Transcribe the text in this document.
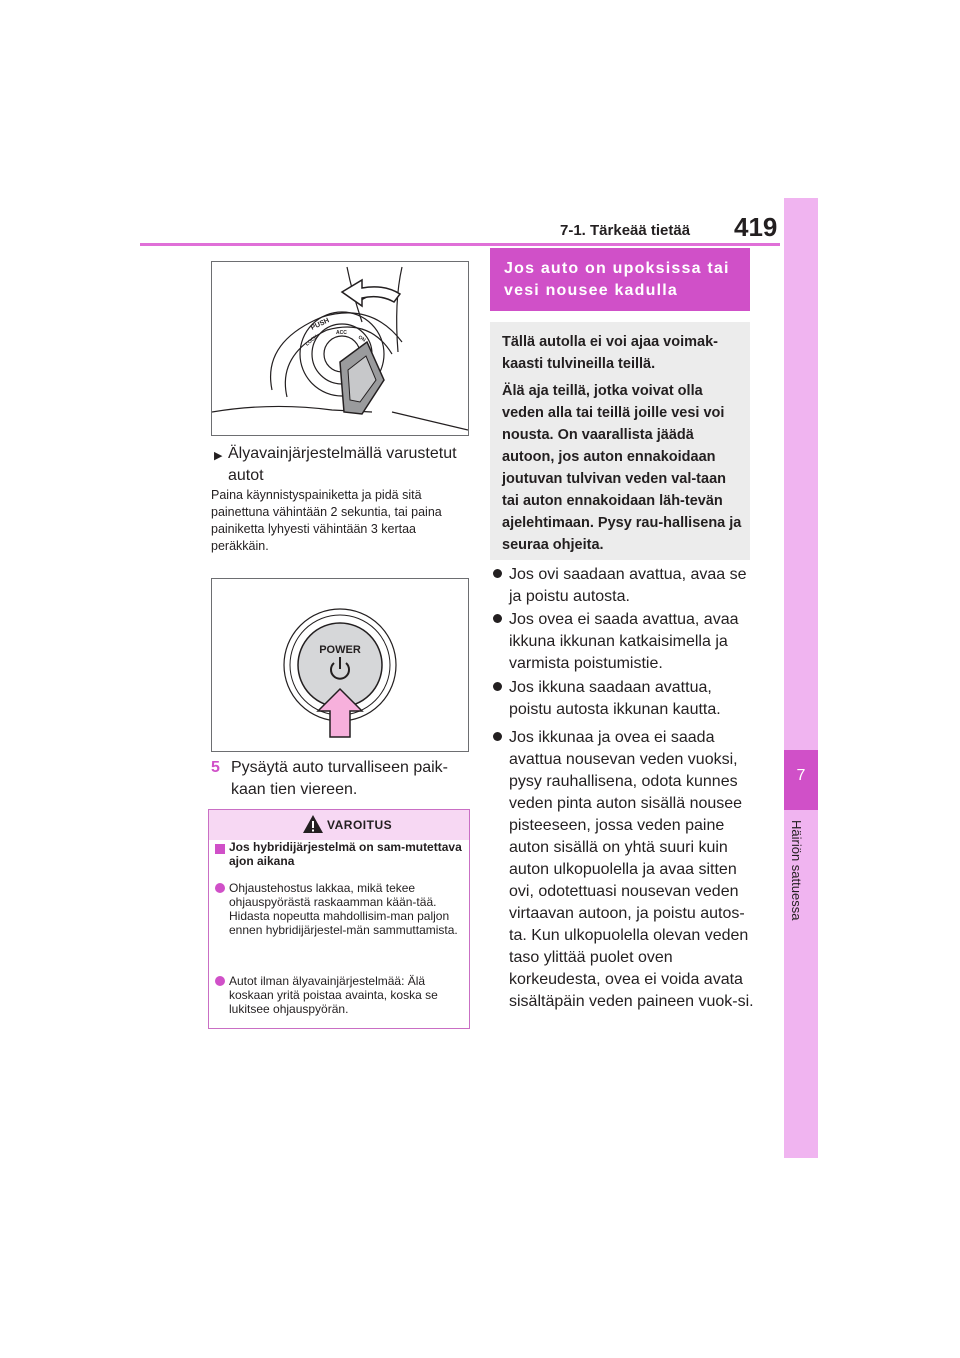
7-1. Tärkeää tietää 419
7
Häiriön sattuessa
PUSH
LOCK
ACC
ON
▶ Älyavainjärjestelmällä varustetut autot
Paina käynnistyspainiketta ja pidä sitä painettuna vähintään 2 sekuntia, tai paina painiketta lyhyesti vähintään 3 kertaa peräkkäin.
POWER
5 Pysäytä auto turvalliseen paik-kaan tien viereen.
VAROITUS
Jos hybridijärjestelmä on sam-mutettava ajon aikana
Ohjaustehostus lakkaa, mikä tekee ohjauspyörästä raskaamman kään-tää. Hidasta nopeutta mahdollisim-man paljon ennen hybridijärjestel-män sammuttamista.
Autot ilman älyavainjärjestelmää: Älä koskaan yritä poistaa avainta, koska se lukitsee ohjauspyörän.
Jos auto on upoksissa tai vesi nousee kadulla
Tällä autolla ei voi ajaa voimak-kaasti tulvineilla teillä.
Älä aja teillä, jotka voivat olla veden alla tai teillä joille vesi voi nousta. On vaarallista jäädä autoon, jos auton ennakoidaan joutuvan tulvivan veden val-taan tai auton ennakoidaan läh-tevän ajelehtimaan. Pysy rau-hallisena ja seuraa ohjeita.
Jos ovi saadaan avattua, avaa se ja poistu autosta.
Jos ovea ei saada avattua, avaa ikkuna ikkunan katkaisimella ja varmista poistumistie.
Jos ikkuna saadaan avattua, poistu autosta ikkunan kautta.
Jos ikkunaa ja ovea ei saada avattua nousevan veden vuoksi, pysy rauhallisena, odota kunnes veden pinta auton sisällä nousee pisteeseen, jossa veden paine auton sisällä on yhtä suuri kuin auton ulkopuolella ja avaa sitten ovi, odotettuasi nousevan veden virtaavan autoon, ja poistu autos-ta. Kun ulkopuolella olevan veden taso ylittää puolet oven korkeudesta, ovea ei voida avata sisältäpäin veden paineen vuok-si.
